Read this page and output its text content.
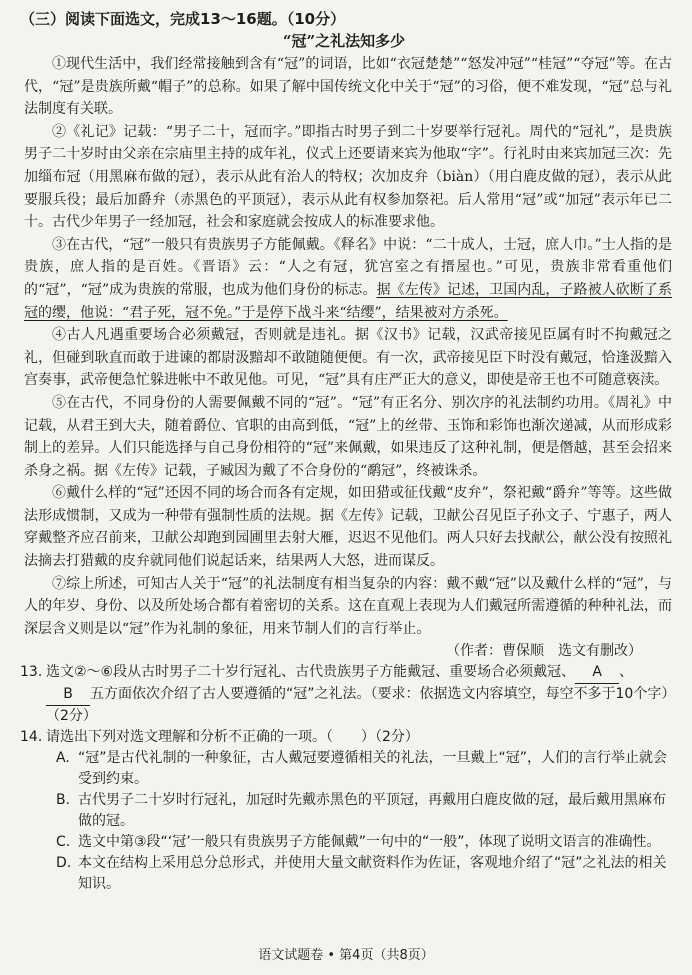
（三）阅读下面选文，完成13～16题。（10分）
“冠”之礼法知多少

①现代生活中，我们经常接触到含有“冠”的词语，比如“衣冠楚楚”“怒发冲冠”“桂冠”“夺冠”等。在古代，“冠”是贵族所戴“帽子”的总称。如果了解中国传统文化中关于“冠”的习俗，便不难发现，“冠”总与礼法制度有关联。

②《礼记》记载：“男子二十，冠而字。”即指古时男子到二十岁要举行冠礼。周代的“冠礼”，是贵族男子二十岁时由父亲在宗庙里主持的成年礼，仪式上还要请来宾为他取“字”。行礼时由来宾加冠三次：先加缁布冠（用黑麻布做的冠），表示从此有治人的特权；次加皮弁（biàn）（用白鹿皮做的冠），表示从此要服兵役；最后加爵弁（赤黑色的平顶冠），表示从此有权参加祭祀。后人常用“冠”或“加冠”表示年已二十。古代少年男子一经加冠，社会和家庭就会按成人的标准要求他。

③在古代，“冠”一般只有贵族男子方能佩戴。《释名》中说：“二十成人，士冠，庶人巾。”士人指的是贵族，庶人指的是百姓。《晋语》云：“人之有冠，犹宫室之有搢屋也。”可见，贵族非常看重他们的“冠”，“冠”成为贵族的常服，也成为他们身份的标志。据《左传》记述，卫国内乱，子路被人砍断了系冠的缨，他说：“君子死，冠不免。”于是停下战斗来“结缨”，结果被对方杀死。

④古人凡遇重要场合必须戴冠，否则就是违礼。据《汉书》记载，汉武帝接见臣属有时不拘戴冠之礼，但碰到耿直而敢于进谏的都尉汲黯却不敢随随便便。有一次，武帝接见臣下时没有戴冠，恰逢汲黯入宫奏事，武帝便急忙躲进帐中不敢见他。可见，“冠”具有庄严正大的意义，即使是帝王也不可随意亵渎。

⑤在古代，不同身份的人需要佩戴不同的“冠”。“冠”有正名分、别次序的礼法制约功用。《周礼》中记载，从君王到大夫，随着爵位、官职的由高到低，“冠”上的丝带、玉饰和彩饰也渐次递减，从而形成彩制上的差异。人们只能选择与自己身份相符的“冠”来佩戴，如果违反了这种礼制，便是僭越，甚至会招来杀身之祸。据《左传》记载，子臧因为戴了不合身份的“鹬冠”，终被诛杀。

⑥戴什么样的“冠”还因不同的场合而各有定规，如田猎或征伐戴“皮弁”，祭祀戴“爵弁”等等。这些做法形成惯制，又成为一种带有强制性质的法规。据《左传》记载，卫献公召见臣子孙文子、宁惠子，两人穿戴整齐应召前来，卫献公却跑到园圃里去射大雁，迟迟不见他们。两人只好去找献公，献公没有按照礼法摘去打猎戴的皮弁就同他们说起话来，结果两人大怒，进而谋反。

⑦综上所述，可知古人关于“冠”的礼法制度有相当复杂的内容：戴不戴“冠”以及戴什么样的“冠”，与人的年岁、身份、以及所处场合都有着密切的关系。这在直观上表现为人们戴冠所需遵循的种种礼法，而深层含义则是以“冠”作为礼制的象征，用来节制人们的言行举止。

（作者：曹保顺　选文有删改）

13. 选文②～⑥段从古时男子二十岁行冠礼、古代贵族男子方能戴冠、重要场合必须戴冠、 A 、B 五方面依次介绍了古人要遵循的“冠”之礼法。（要求：依据选文内容填空，每空不多于10个字）（2分）

14. 请选出下列对选文理解和分析不正确的一项。（　　）（2分）

A. “冠”是古代礼制的一种象征，古人戴冠要遵循相关的礼法，一旦戴上“冠”，人们的言行举止就会受到约束。

B. 古代男子二十岁时行冠礼，加冠时先戴赤黑色的平顶冠，再戴用白鹿皮做的冠，最后戴用黑麻布做的冠。

C. 选文中第③段“‘冠’一般只有贵族男子方能佩戴”一句中的“一般”，体现了说明文语言的准确性。

D. 本文在结构上采用总分总形式，并使用大量文献资料作为佐证，客观地介绍了“冠”之礼法的相关知识。

语文试题卷 • 第4页（共8页）
